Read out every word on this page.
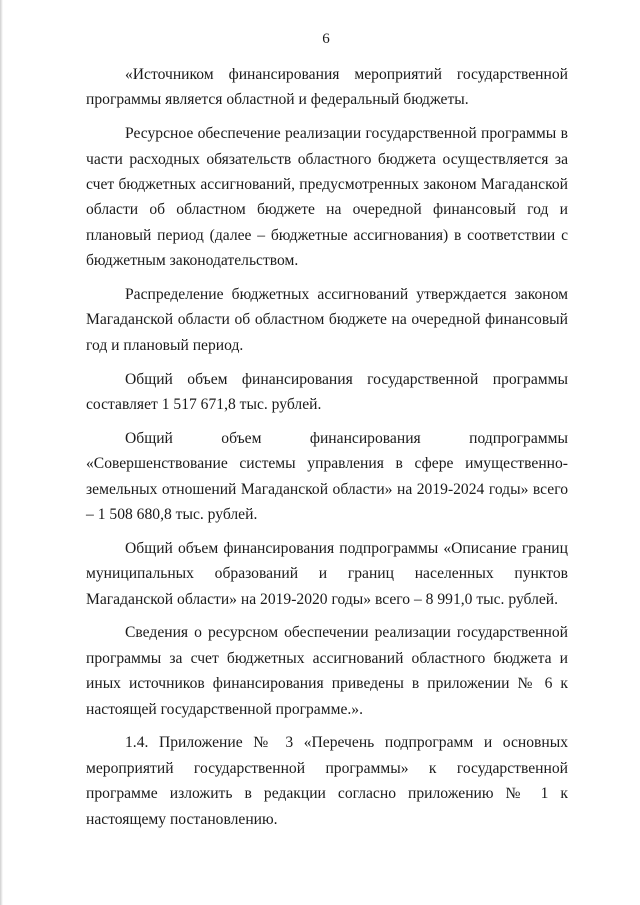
6

«Источником финансирования мероприятий государственной программы является областной и федеральный бюджеты.

Ресурсное обеспечение реализации государственной программы в части расходных обязательств областного бюджета осуществляется за счет бюджетных ассигнований, предусмотренных законом Магаданской области об областном бюджете на очередной финансовый год и плановый период (далее – бюджетные ассигнования) в соответствии с бюджетным законодательством.

Распределение бюджетных ассигнований утверждается законом Магаданской области об областном бюджете на очередной финансовый год и плановый период.

Общий объем финансирования государственной программы составляет 1 517 671,8 тыс. рублей.

Общий объем финансирования подпрограммы «Совершенствование системы управления в сфере имущественно-земельных отношений Магаданской области» на 2019-2024 годы» всего – 1 508 680,8 тыс. рублей.

Общий объем финансирования подпрограммы «Описание границ муниципальных образований и границ населенных пунктов Магаданской области» на 2019-2020 годы» всего – 8 991,0 тыс. рублей.

Сведения о ресурсном обеспечении реализации государственной программы за счет бюджетных ассигнований областного бюджета и иных источников финансирования приведены в приложении № 6 к настоящей государственной программе.».

1.4. Приложение № 3 «Перечень подпрограмм и основных мероприятий государственной программы» к государственной программе изложить в редакции согласно приложению № 1 к настоящему постановлению.
